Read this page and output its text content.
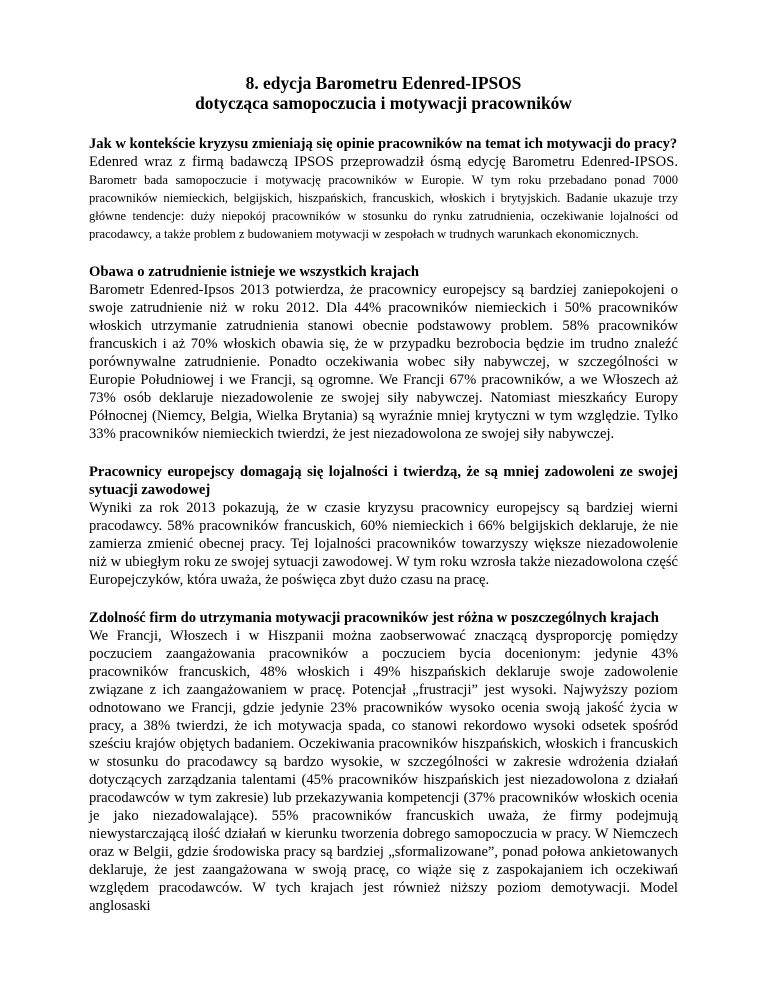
8. edycja Barometru Edenred-IPSOS
dotycząca samopoczucia i motywacji pracowników
Jak w kontekście kryzysu zmieniają się opinie pracowników na temat ich motywacji do pracy?
Edenred wraz z firmą badawczą IPSOS przeprowadził ósmą edycję Barometru Edenred-IPSOS. Barometr bada samopoczucie i motywację pracowników w Europie. W tym roku przebadano ponad 7000 pracowników niemieckich, belgijskich, hiszpańskich, francuskich, włoskich i brytyjskich. Badanie ukazuje trzy główne tendencje: duży niepokój pracowników w stosunku do rynku zatrudnienia, oczekiwanie lojalności od pracodawcy, a także problem z budowaniem motywacji w zespołach w trudnych warunkach ekonomicznych.
Obawa o zatrudnienie istnieje we wszystkich krajach
Barometr Edenred-Ipsos 2013 potwierdza, że pracownicy europejscy są bardziej zaniepokojeni o swoje zatrudnienie niż w roku 2012. Dla 44% pracowników niemieckich i 50% pracowników włoskich utrzymanie zatrudnienia stanowi obecnie podstawowy problem. 58% pracowników francuskich i aż 70% włoskich obawia się, że w przypadku bezrobocia będzie im trudno znaleźć porównywalne zatrudnienie. Ponadto oczekiwania wobec siły nabywczej, w szczególności w Europie Południowej i we Francji, są ogromne. We Francji 67% pracowników, a we Włoszech aż 73% osób deklaruje niezadowolenie ze swojej siły nabywczej. Natomiast mieszkańcy Europy Północnej (Niemcy, Belgia, Wielka Brytania) są wyraźnie mniej krytyczni w tym względzie. Tylko 33% pracowników niemieckich twierdzi, że jest niezadowolona ze swojej siły nabywczej.
Pracownicy europejscy domagają się lojalności i twierdzą, że są mniej zadowoleni ze swojej sytuacji zawodowej
Wyniki za rok 2013 pokazują, że w czasie kryzysu pracownicy europejscy są bardziej wierni pracodawcy. 58% pracowników francuskich, 60% niemieckich i 66% belgijskich deklaruje, że nie zamierza zmienić obecnej pracy. Tej lojalności pracowników towarzyszy większe niezadowolenie niż w ubiegłym roku ze swojej sytuacji zawodowej. W tym roku wzrosła także niezadowolona część Europejczyków, która uważa, że poświęca zbyt dużo czasu na pracę.
Zdolność firm do utrzymania motywacji pracowników jest różna w poszczególnych krajach
We Francji, Włoszech i w Hiszpanii można zaobserwować znaczącą dysproporcję pomiędzy poczuciem zaangażowania pracowników a poczuciem bycia docenionym: jedynie 43% pracowników francuskich, 48% włoskich i 49% hiszpańskich deklaruje swoje zadowolenie związane z ich zaangażowaniem w pracę. Potencjał „frustracji” jest wysoki. Najwyższy poziom odnotowano we Francji, gdzie jedynie 23% pracowników wysoko ocenia swoją jakość życia w pracy, a 38% twierdzi, że ich motywacja spada, co stanowi rekordowo wysoki odsetek spośród sześciu krajów objętych badaniem. Oczekiwania pracowników hiszpańskich, włoskich i francuskich w stosunku do pracodawcy są bardzo wysokie, w szczególności w zakresie wdrożenia działań dotyczących zarządzania talentami (45% pracowników hiszpańskich jest niezadowolona z działań pracodawców w tym zakresie) lub przekazywania kompetencji (37% pracowników włoskich ocenia je jako niezadowalające). 55% pracowników francuskich uważa, że firmy podejmują niewystarczającą ilość działań w kierunku tworzenia dobrego samopoczucia w pracy. W Niemczech oraz w Belgii, gdzie środowiska pracy są bardziej „sformalizowane”, ponad połowa ankietowanych deklaruje, że jest zaangażowana w swoją pracę, co wiąże się z zaspokajaniem ich oczekiwań względem pracodawców. W tych krajach jest również niższy poziom demotywacji. Model anglosaski
